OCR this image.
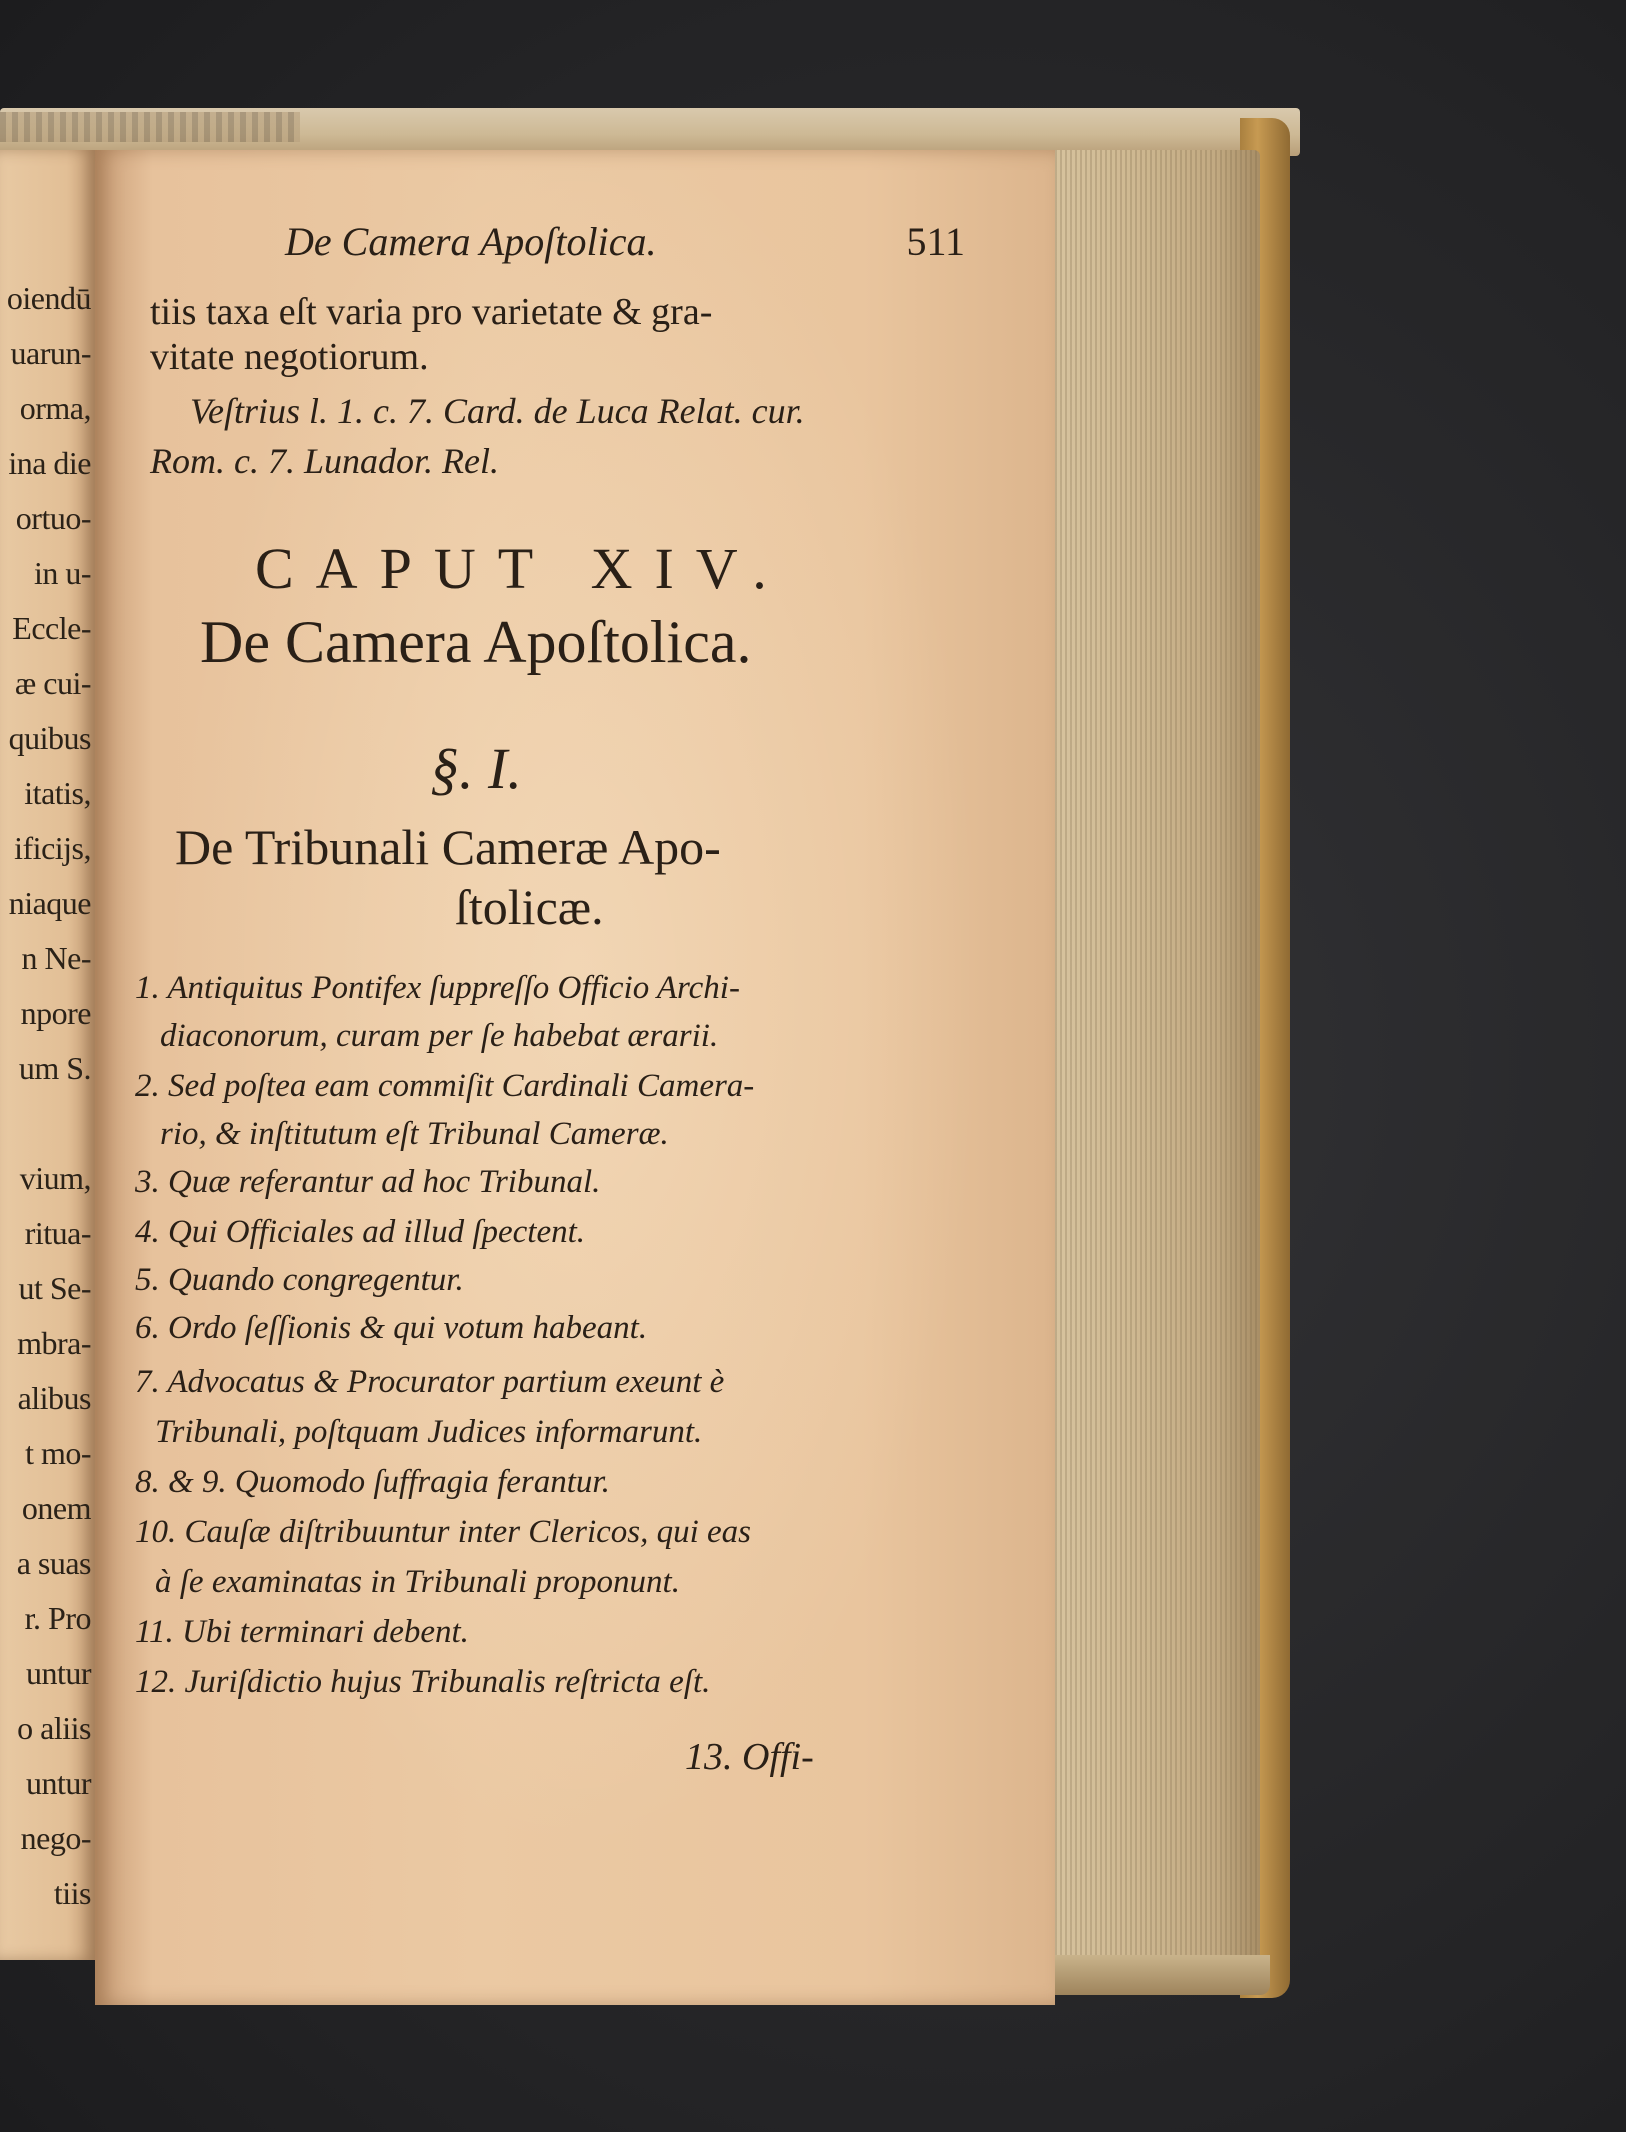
oiendū
uarun-
orma,
ina die
ortuo-
in u-
Eccle-
æ cui-
quibus
itatis,
ificijs,
niaque
n Ne-
npore
um S.
vium,
ritua-
ut Se-
mbra-
alibus
t mo-
onem
a suas
r. Pro
untur
o aliis
untur
nego-
tiis
De Camera Apoſtolica.	511
tiis taxa eſt varia pro varietate & gra-
vitate negotiorum.
Veſtrius l. 1. c. 7. Card. de Luca Relat. cur.
Rom. c. 7. Lunador. Rel.
CAPUT XIV.
De Camera Apoſtolica.
§. I.
De Tribunali Cameræ Apo-
ſtolicæ.
1. Antiquitus Pontifex ſuppreſſo Officio Archi-
diaconorum, curam per ſe habebat ærarii.
2. Sed poſtea eam commiſit Cardinali Camera-
rio, & inſtitutum eſt Tribunal Cameræ.
3. Quæ referantur ad hoc Tribunal.
4. Qui Officiales ad illud ſpectent.
5. Quando congregentur.
6. Ordo ſeſſionis & qui votum habeant.
7. Advocatus & Procurator partium exeunt è
Tribunali, poſtquam Judices informarunt.
8. & 9. Quomodo ſuffragia ferantur.
10. Cauſæ diſtribuuntur inter Clericos, qui eas
à ſe examinatas in Tribunali proponunt.
11. Ubi terminari debent.
12. Juriſdictio hujus Tribunalis reſtricta eſt.
13. Offi-
